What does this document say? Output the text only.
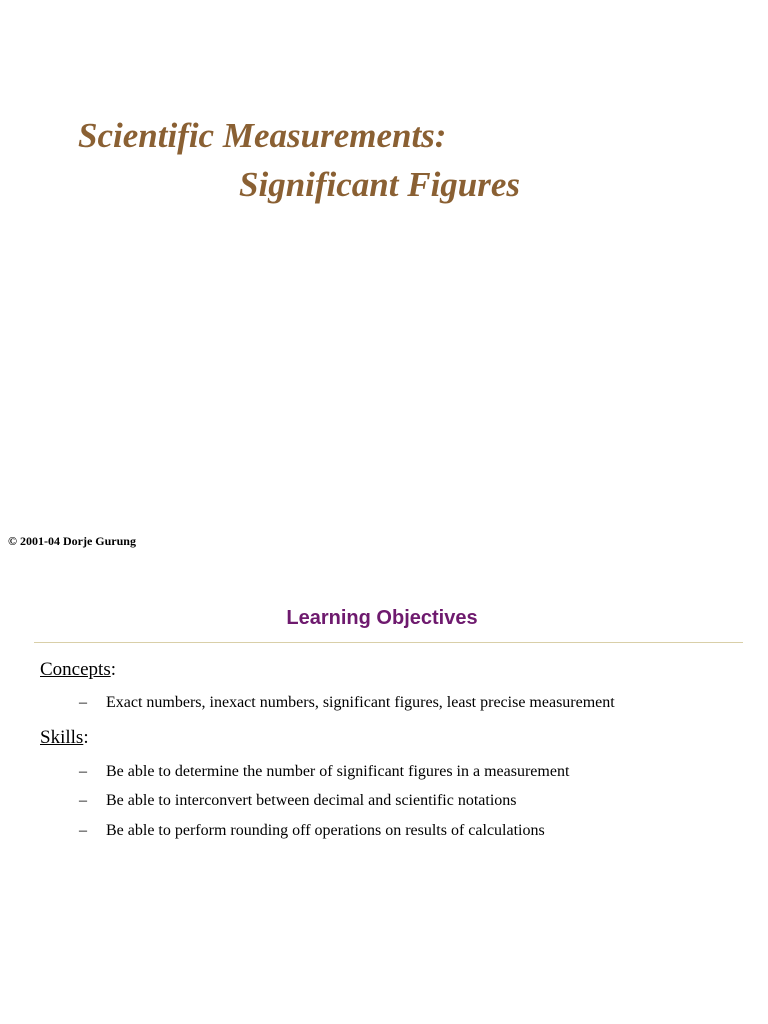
Scientific Measurements:
Significant Figures
© 2001-04 Dorje Gurung
Learning Objectives
Concepts:
– Exact numbers, inexact numbers, significant figures, least precise measurement
Skills:
– Be able to determine the number of significant figures in a measurement
– Be able to interconvert between decimal and scientific notations
– Be able to perform rounding off operations on results of calculations
